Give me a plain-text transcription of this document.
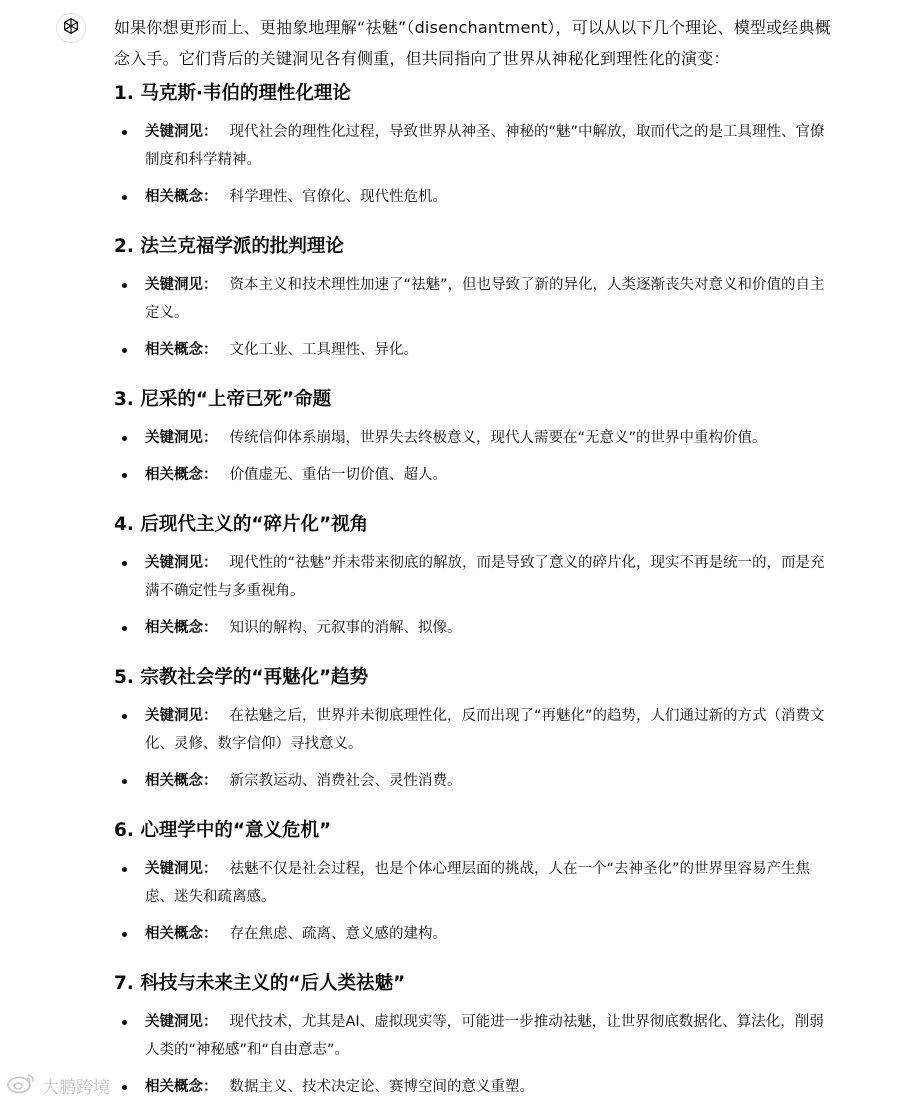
如果你想更形而上、更抽象地理解“祛魅”（disenchantment），可以从以下几个理论、模型或经典概念入手。它们背后的关键洞见各有侧重，但共同指向了世界从神秘化到理性化的演变：

1. 马克斯·韦伯的理性化理论
关键洞见： 现代社会的理性化过程，导致世界从神圣、神秘的“魅”中解放，取而代之的是工具理性、官僚制度和科学精神。
相关概念： 科学理性、官僚化、现代性危机。
2. 法兰克福学派的批判理论
关键洞见： 资本主义和技术理性加速了“祛魅”，但也导致了新的异化，人类逐渐丧失对意义和价值的自主定义。
相关概念： 文化工业、工具理性、异化。
3. 尼采的“上帝已死”命题
关键洞见： 传统信仰体系崩塌，世界失去终极意义，现代人需要在“无意义”的世界中重构价值。
相关概念： 价值虚无、重估一切价值、超人。
4. 后现代主义的“碎片化”视角
关键洞见： 现代性的“祛魅”并未带来彻底的解放，而是导致了意义的碎片化，现实不再是统一的，而是充满不确定性与多重视角。
相关概念： 知识的解构、元叙事的消解、拟像。
5. 宗教社会学的“再魅化”趋势
关键洞见： 在祛魅之后，世界并未彻底理性化，反而出现了“再魅化”的趋势，人们通过新的方式（消费文化、灵修、数字信仰）寻找意义。
相关概念： 新宗教运动、消费社会、灵性消费。
6. 心理学中的“意义危机”
关键洞见： 祛魅不仅是社会过程，也是个体心理层面的挑战，人在一个“去神圣化”的世界里容易产生焦虑、迷失和疏离感。
相关概念： 存在焦虑、疏离、意义感的建构。
7. 科技与未来主义的“后人类祛魅”
关键洞见： 现代技术，尤其是AI、虚拟现实等，可能进一步推动祛魅，让世界彻底数据化、算法化，削弱人类的“神秘感”和“自由意志”。
相关概念： 数据主义、技术决定论、赛博空间的意义重塑。
大鹏跨境
